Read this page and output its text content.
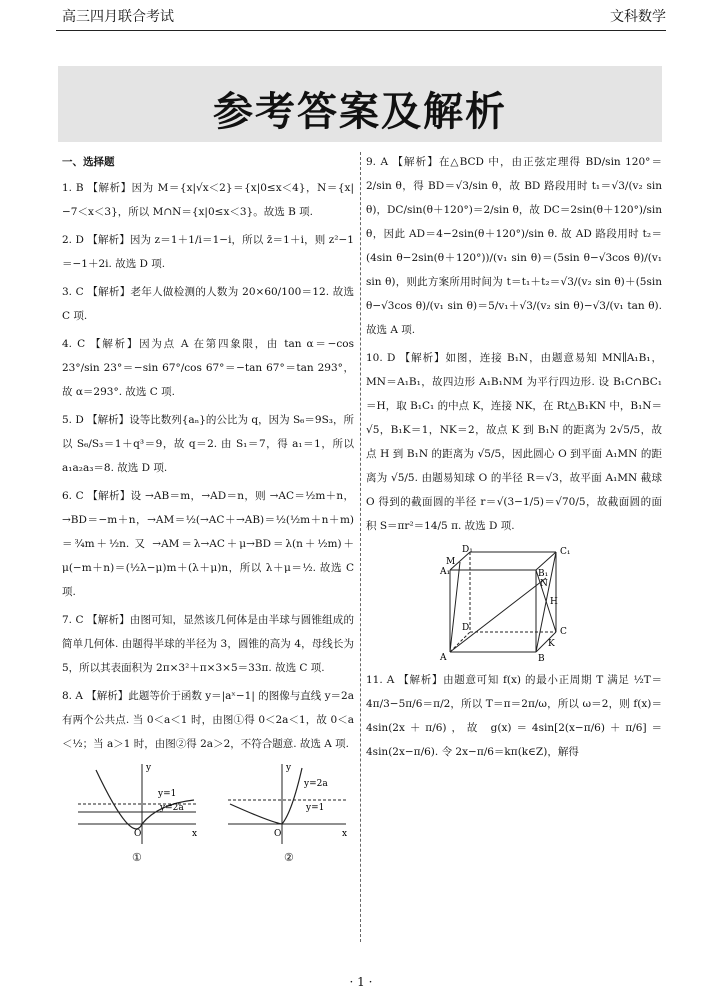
高三四月联合考试	文科数学
参考答案及解析
一、选择题

1. B 【解析】因为 M＝{x|√x＜2}＝{x|0≤x＜4}，N＝{x|−7＜x＜3}，所以 M∩N＝{x|0≤x＜3}。故选 B 项.

2. D 【解析】因为 z＝1＋1/i＝1−i，所以 z̄＝1＋i，则 z²−1＝−1＋2i. 故选 D 项.

3. C 【解析】老年人做检测的人数为 20×60/100＝12. 故选 C 项.

4. C 【解析】因为点 A 在第四象限，由 tan α＝−cos 23°/sin 23°＝−sin 67°/cos 67°＝−tan 67°＝tan 293°，故 α＝293°. 故选 C 项.

5. D 【解析】设等比数列{aₙ}的公比为 q，因为 S₆＝9S₃，所以 S₆/S₃＝1＋q³＝9，故 q＝2. 由 S₁＝7，得 a₁＝1，所以 a₁a₂a₃＝8. 故选 D 项.

6. C 【解析】设 →AB＝m，→AD＝n，则 →AC＝½m＋n，→BD＝−m＋n，→AM＝½(→AC＋→AB)＝½(½m＋n＋m)＝¾m＋½n. 又 →AM＝λ→AC＋μ→BD＝λ(n＋½m)＋μ(−m＋n)＝(½λ−μ)m＋(λ＋μ)n，所以 λ＋μ＝½. 故选 C 项.

7. C 【解析】由图可知，显然该几何体是由半球与圆锥组成的简单几何体. 由题得半球的半径为 3，圆锥的高为 4，母线长为 5，所以其表面积为 2π×3²＋π×3×5＝33π. 故选 C 项.

8. A 【解析】此题等价于函数 y＝|aˣ−1| 的图像与直线 y＝2a 有两个公共点. 当 0＜a＜1 时，由图①得 0＜2a＜1，故 0＜a＜½；当 a＞1 时，由图②得 2a＞2，不符合题意. 故选 A 项.

y
x
O
y=1
y=2a
①
y
x
O
y=2a
y=1
②

9. A 【解析】在△BCD 中，由正弦定理得 BD/sin 120°＝2/sin θ，得 BD＝√3/sin θ，故 BD 路段用时 t₁＝√3/(v₂ sin θ)，DC/sin(θ＋120°)＝2/sin θ，故 DC＝2sin(θ＋120°)/sin θ，因此 AD＝4−2sin(θ＋120°)/sin θ. 故 AD 路段用时 t₂＝(4sin θ−2sin(θ＋120°))/(v₁ sin θ)＝(5sin θ−√3cos θ)/(v₁ sin θ)，则此方案所用时间为 t＝t₁＋t₂＝√3/(v₂ sin θ)＋(5sin θ−√3cos θ)/(v₁ sin θ)＝5/v₁＋√3/(v₂ sin θ)−√3/(v₁ tan θ). 故选 A 项.

10. D 【解析】如图，连接 B₁N，由题意易知 MN∥A₁B₁，MN＝A₁B₁，故四边形 A₁B₁NM 为平行四边形. 设 B₁C∩BC₁＝H，取 B₁C₁ 的中点 K，连接 NK，在 Rt△B₁KN 中，B₁N＝√5，B₁K＝1，NK＝2，故点 K 到 B₁N 的距离为 2√5/5，故点 H 到 B₁N 的距离为 √5/5，因此圆心 O 到平面 A₁MN 的距离为 √5/5. 由题易知球 O 的半径 R＝√3，故平面 A₁MN 截球 O 得到的截面圆的半径 r＝√(3−1/5)＝√70/5，故截面圆的面积 S＝πr²＝14/5 π. 故选 D 项.

D₁	C₁
A₁	B₁
M
N
D	C
A	B
H
K

11. A 【解析】由题意可知 f(x) 的最小正周期 T 满足 ½T＝4π/3−5π/6＝π/2，所以 T＝π＝2π/ω，所以 ω＝2，则 f(x)＝4sin(2x＋π/6)，故 g(x)＝4sin[2(x−π/6)＋π/6]＝4sin(2x−π/6). 令 2x−π/6＝kπ(k∈Z)，解得

· 1 ·
